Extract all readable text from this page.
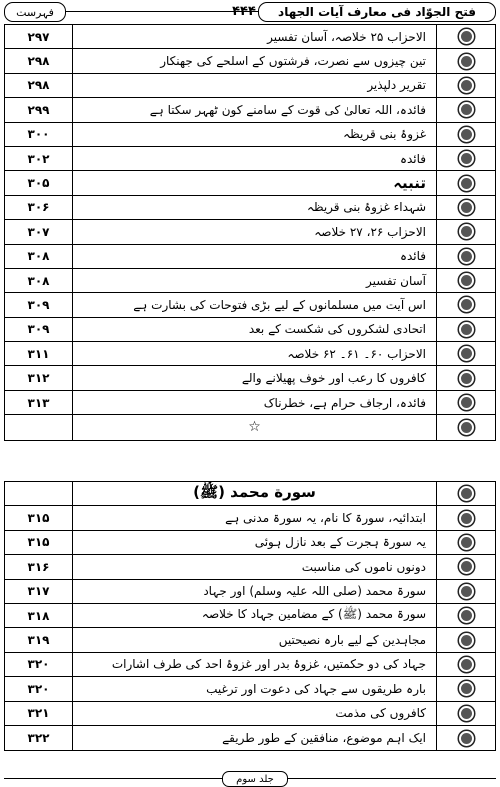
۴۴۴	فتح الجوّاد فی معارف آیات الجهاد
فہرست
۲۹۷	الاحزاب ۲۵ خلاصہ، آسان تفسیر
۲۹۸	تین چیزوں سے نصرت، فرشتوں کے اسلحے کی جھنکار
۲۹۸	تقریر دلپذیر
۲۹۹	فائدہ، اللہ تعالیٰ کی قوت کے سامنے کون ٹھہر سکتا ہے
۳۰۰	غزوۂ بنی قریظہ
۳۰۲	فائدہ
۳۰۵	تنبیہ
۳۰۶	شہداء غزوۂ بنی قریظہ
۳۰۷	الاحزاب ۲۶، ۲۷ خلاصہ
۳۰۸	فائدہ
۳۰۸	آسان تفسیر
۳۰۹	اس آیت میں مسلمانوں کے لیے بڑی فتوحات کی بشارت ہے
۳۰۹	اتحادی لشکروں کی شکست کے بعد
۳۱۱	الاحزاب ۶۰۔ ۶۱۔ ۶۲ خلاصہ
۳۱۲	کافروں کا رعب اور خوف پھیلانے والے
۳۱۳	فائدہ، ارجاف حرام ہے، خطرناک
☆
سورة محمد (ﷺ)
۳۱۵	ابتدائیہ، سورۃ کا نام، یہ سورۃ مدنی ہے
۳۱۵	یہ سورۃ ہجرت کے بعد نازل ہوئی
۳۱۶	دونوں ناموں کی مناسبت
۳۱۷	سورۃ محمد (صلی اللہ علیہ وسلم) اور جہاد
۳۱۸	سورۃ محمد (ﷺ) کے مضامین جہاد کا خلاصہ
۳۱۹	مجاہدین کے لیے بارہ نصیحتیں
۳۲۰	جہاد کی دو حکمتیں، غزوۂ بدر اور غزوۂ احد کی طرف اشارات
۳۲۰	بارہ طریقوں سے جہاد کی دعوت اور ترغیب
۳۲۱	کافروں کی مذمت
۳۲۲	ایک اہم موضوع، منافقین کے طور طریقے
جلد سوم
